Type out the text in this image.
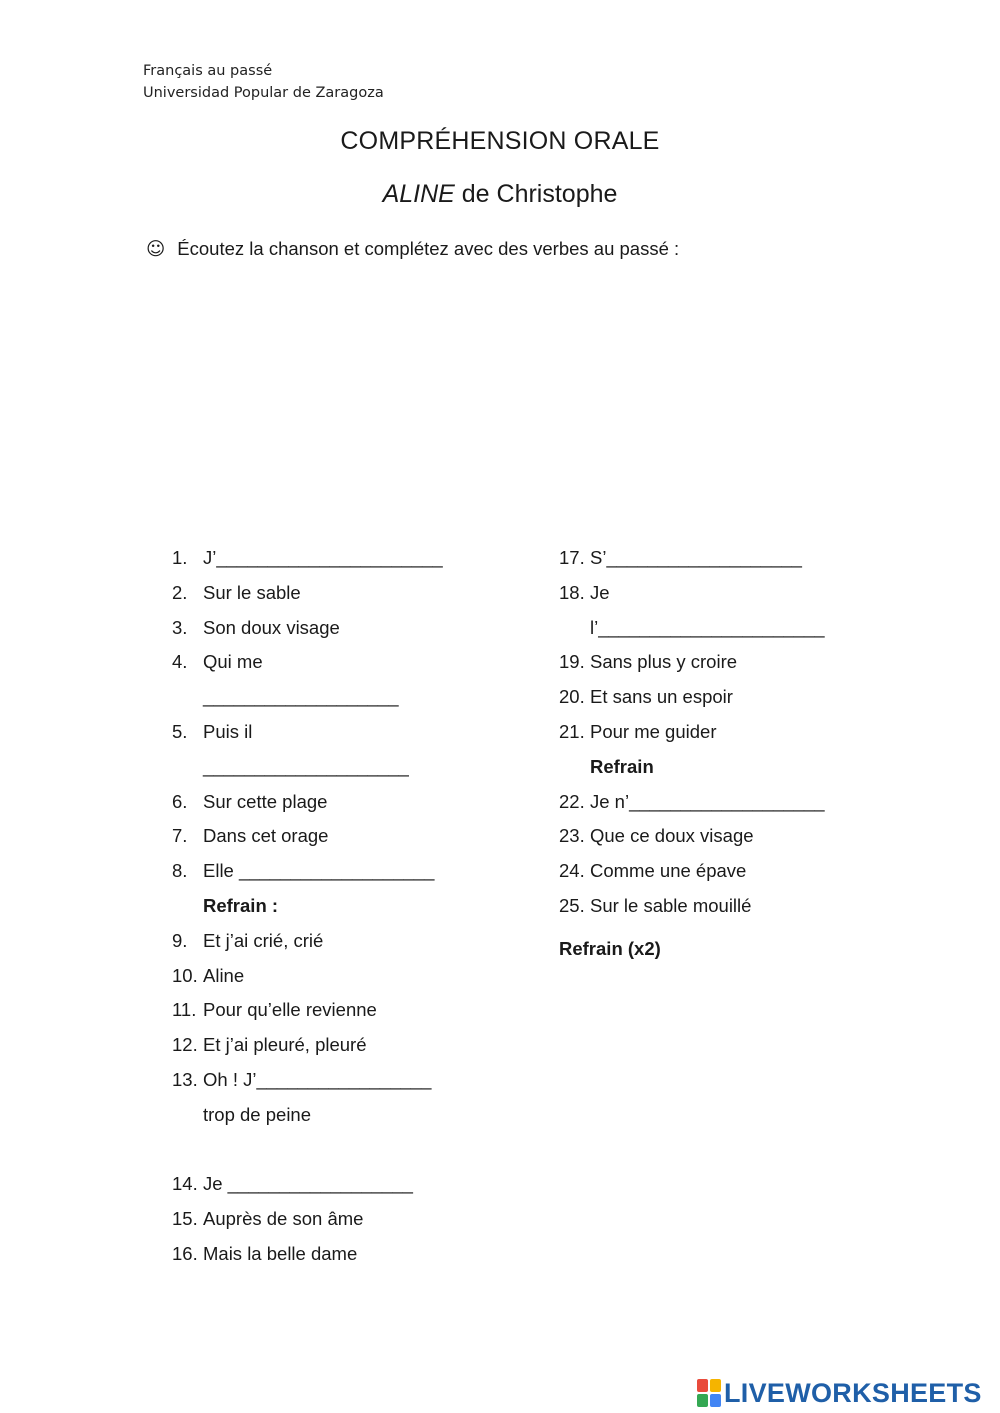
Français au passé
Universidad Popular de Zaragoza
COMPRÉHENSION ORALE
ALINE de Christophe
☺ Écoutez la chanson et complétez avec des verbes au passé :
1. J’______________________
2. Sur le sable
3. Son doux visage
4. Qui me
___________________
5. Puis il
____________________
6. Sur cette plage
7. Dans cet orage
8. Elle ___________________
Refrain :
9. Et j’ai crié, crié
10. Aline
11. Pour qu’elle revienne
12. Et j’ai pleuré, pleuré
13. Oh ! J’_________________
trop de peine
14. Je __________________
15. Auprès de son âme
16. Mais la belle dame
17. S’___________________
18. Je
l’______________________
19. Sans plus y croire
20. Et sans un espoir
21. Pour me guider
Refrain
22. Je n’___________________
23. Que ce doux visage
24. Comme une épave
25. Sur le sable mouillé
Refrain (x2)
LIVEWORKSHEETS
